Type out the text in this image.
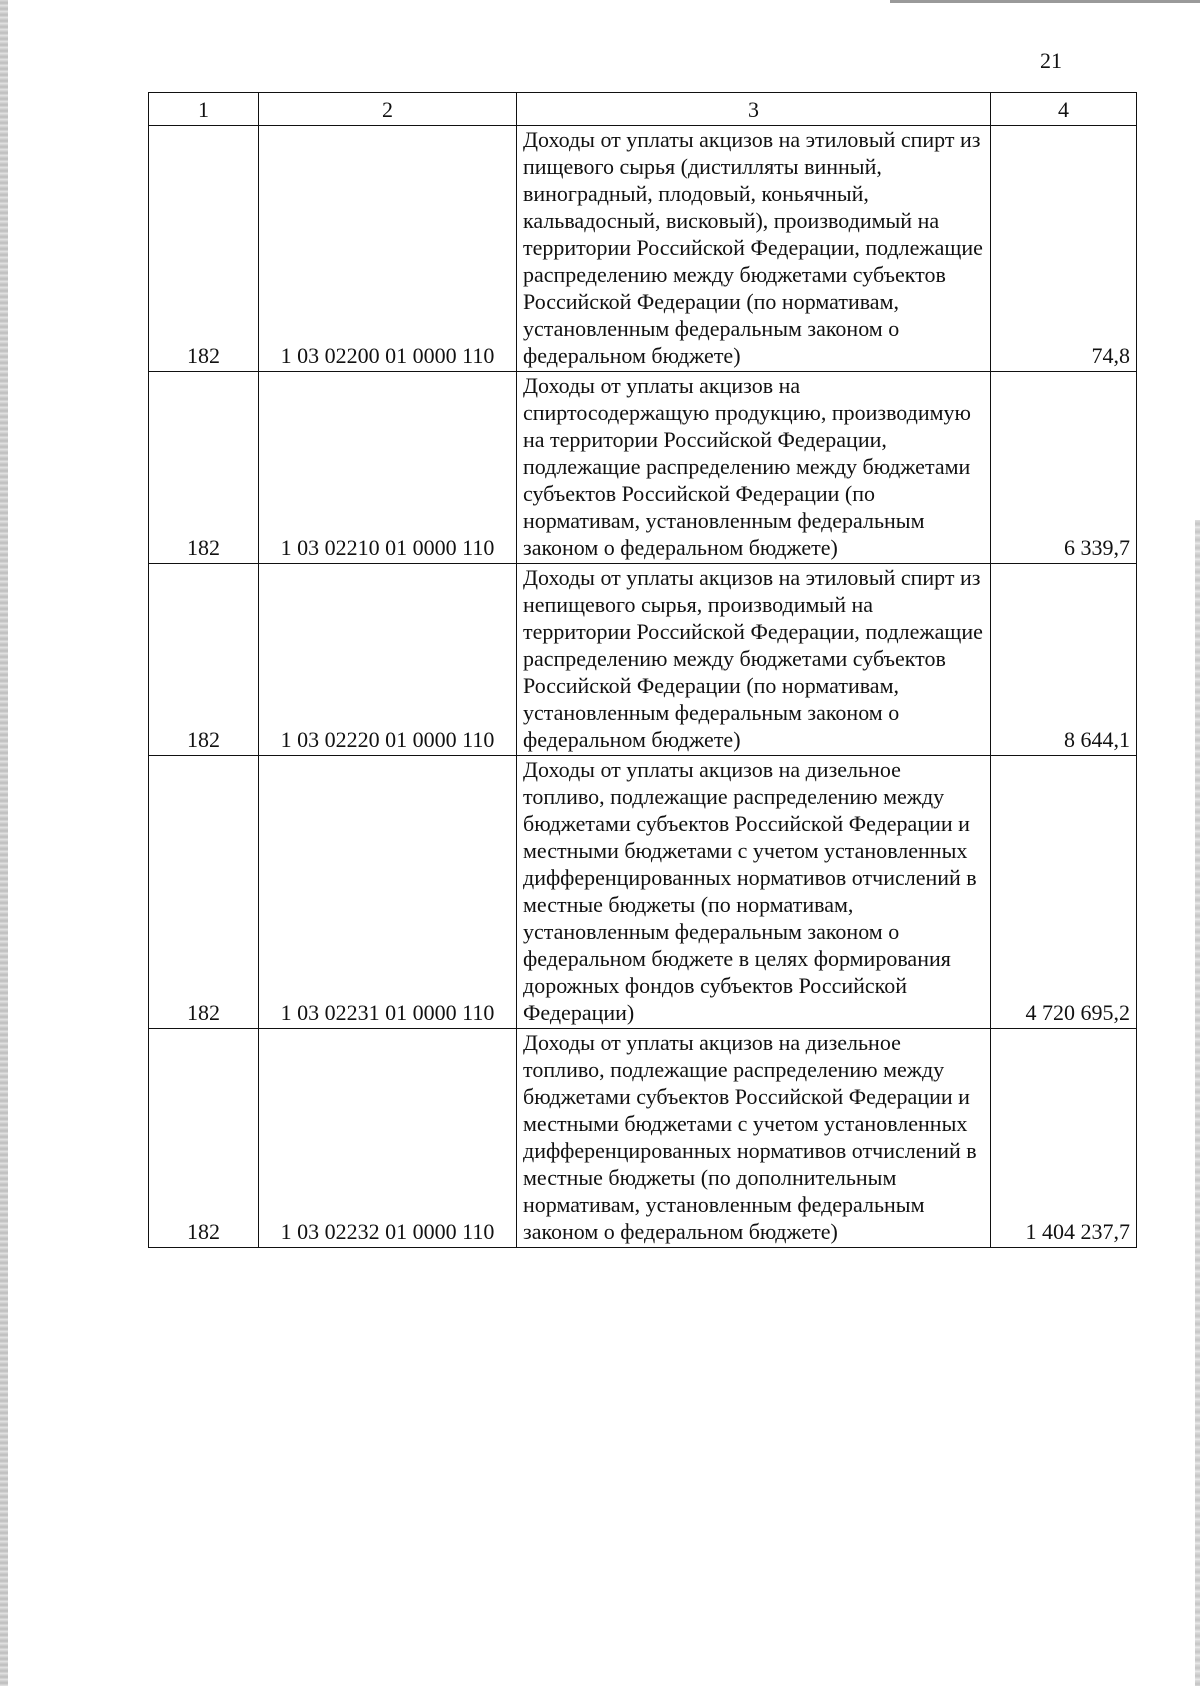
21
1	2	3	4
182	1 03 02200 01 0000 110	Доходы от уплаты акцизов на этиловый спирт из пищевого сырья (дистилляты винный, виноградный, плодовый, коньячный, кальвадосный, висковый), производимый на территории Российской Федерации, подлежащие распределению между бюджетами субъектов Российской Федерации (по нормативам, установленным федеральным законом о федеральном бюджете)	74,8
182	1 03 02210 01 0000 110	Доходы от уплаты акцизов на спиртосодержащую продукцию, производимую на территории Российской Федерации, подлежащие распределению между бюджетами субъектов Российской Федерации (по нормативам, установленным федеральным законом о федеральном бюджете)	6 339,7
182	1 03 02220 01 0000 110	Доходы от уплаты акцизов на этиловый спирт из непищевого сырья, производимый на территории Российской Федерации, подлежащие распределению между бюджетами субъектов Российской Федерации (по нормативам, установленным федеральным законом о федеральном бюджете)	8 644,1
182	1 03 02231 01 0000 110	Доходы от уплаты акцизов на дизельное топливо, подлежащие распределению между бюджетами субъектов Российской Федерации и местными бюджетами с учетом установленных дифференцированных нормативов отчислений в местные бюджеты (по нормативам, установленным федеральным законом о федеральном бюджете в целях формирования дорожных фондов субъектов Российской Федерации)	4 720 695,2
182	1 03 02232 01 0000 110	Доходы от уплаты акцизов на дизельное топливо, подлежащие распределению между бюджетами субъектов Российской Федерации и местными бюджетами с учетом установленных дифференцированных нормативов отчислений в местные бюджеты (по дополнительным нормативам, установленным федеральным законом о федеральном бюджете)	1 404 237,7
